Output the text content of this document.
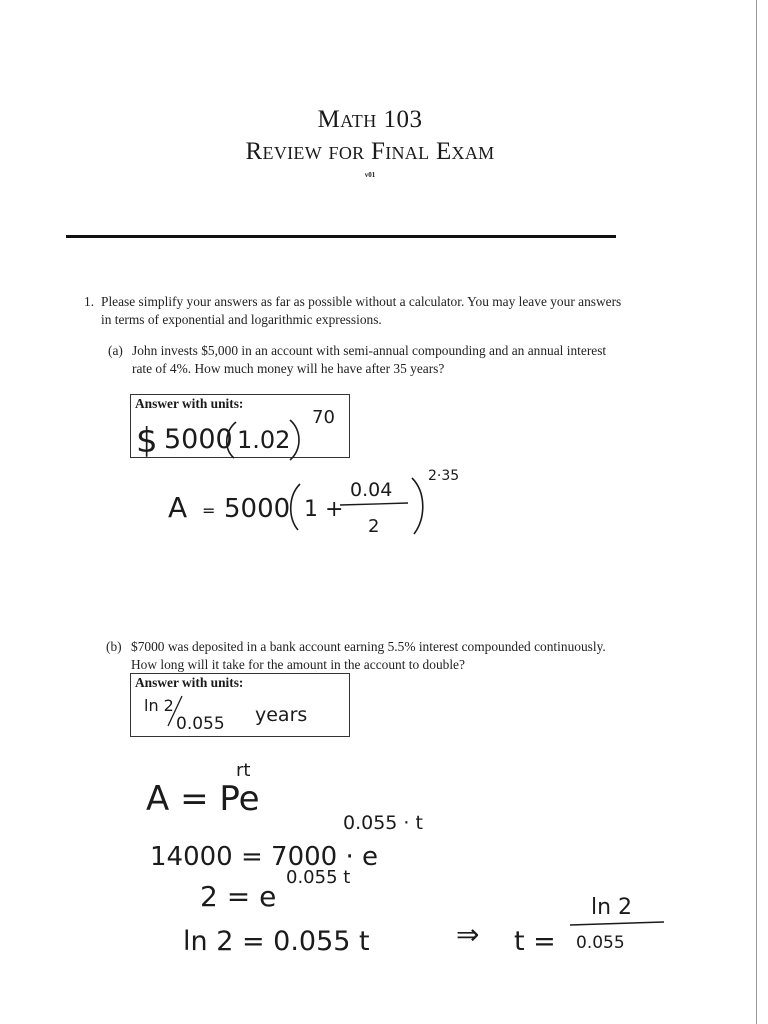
Math 103
Review for Final Exam
v01
1. Please simplify your answers as far as possible without a calculator. You may leave your answers
in terms of exponential and logarithmic expressions.
(a) John invests $5,000 in an account with semi-annual compounding and an annual interest
rate of 4%. How much money will he have after 35 years?
Answer with units:
(b) $7000 was deposited in a bank account earning 5.5% interest compounded continuously.
How long will it take for the amount in the account to double?
Answer with units:
$ 5000 1.02
70
A = 5000 1 +
0.04
2
2·35
ln 2
0.055 years
A = Pe
rt
14000 = 7000 · e
0.055 · t
2 = e
0.055 t
ln 2 = 0.055 t	⇒ t =
ln 2
0.055
